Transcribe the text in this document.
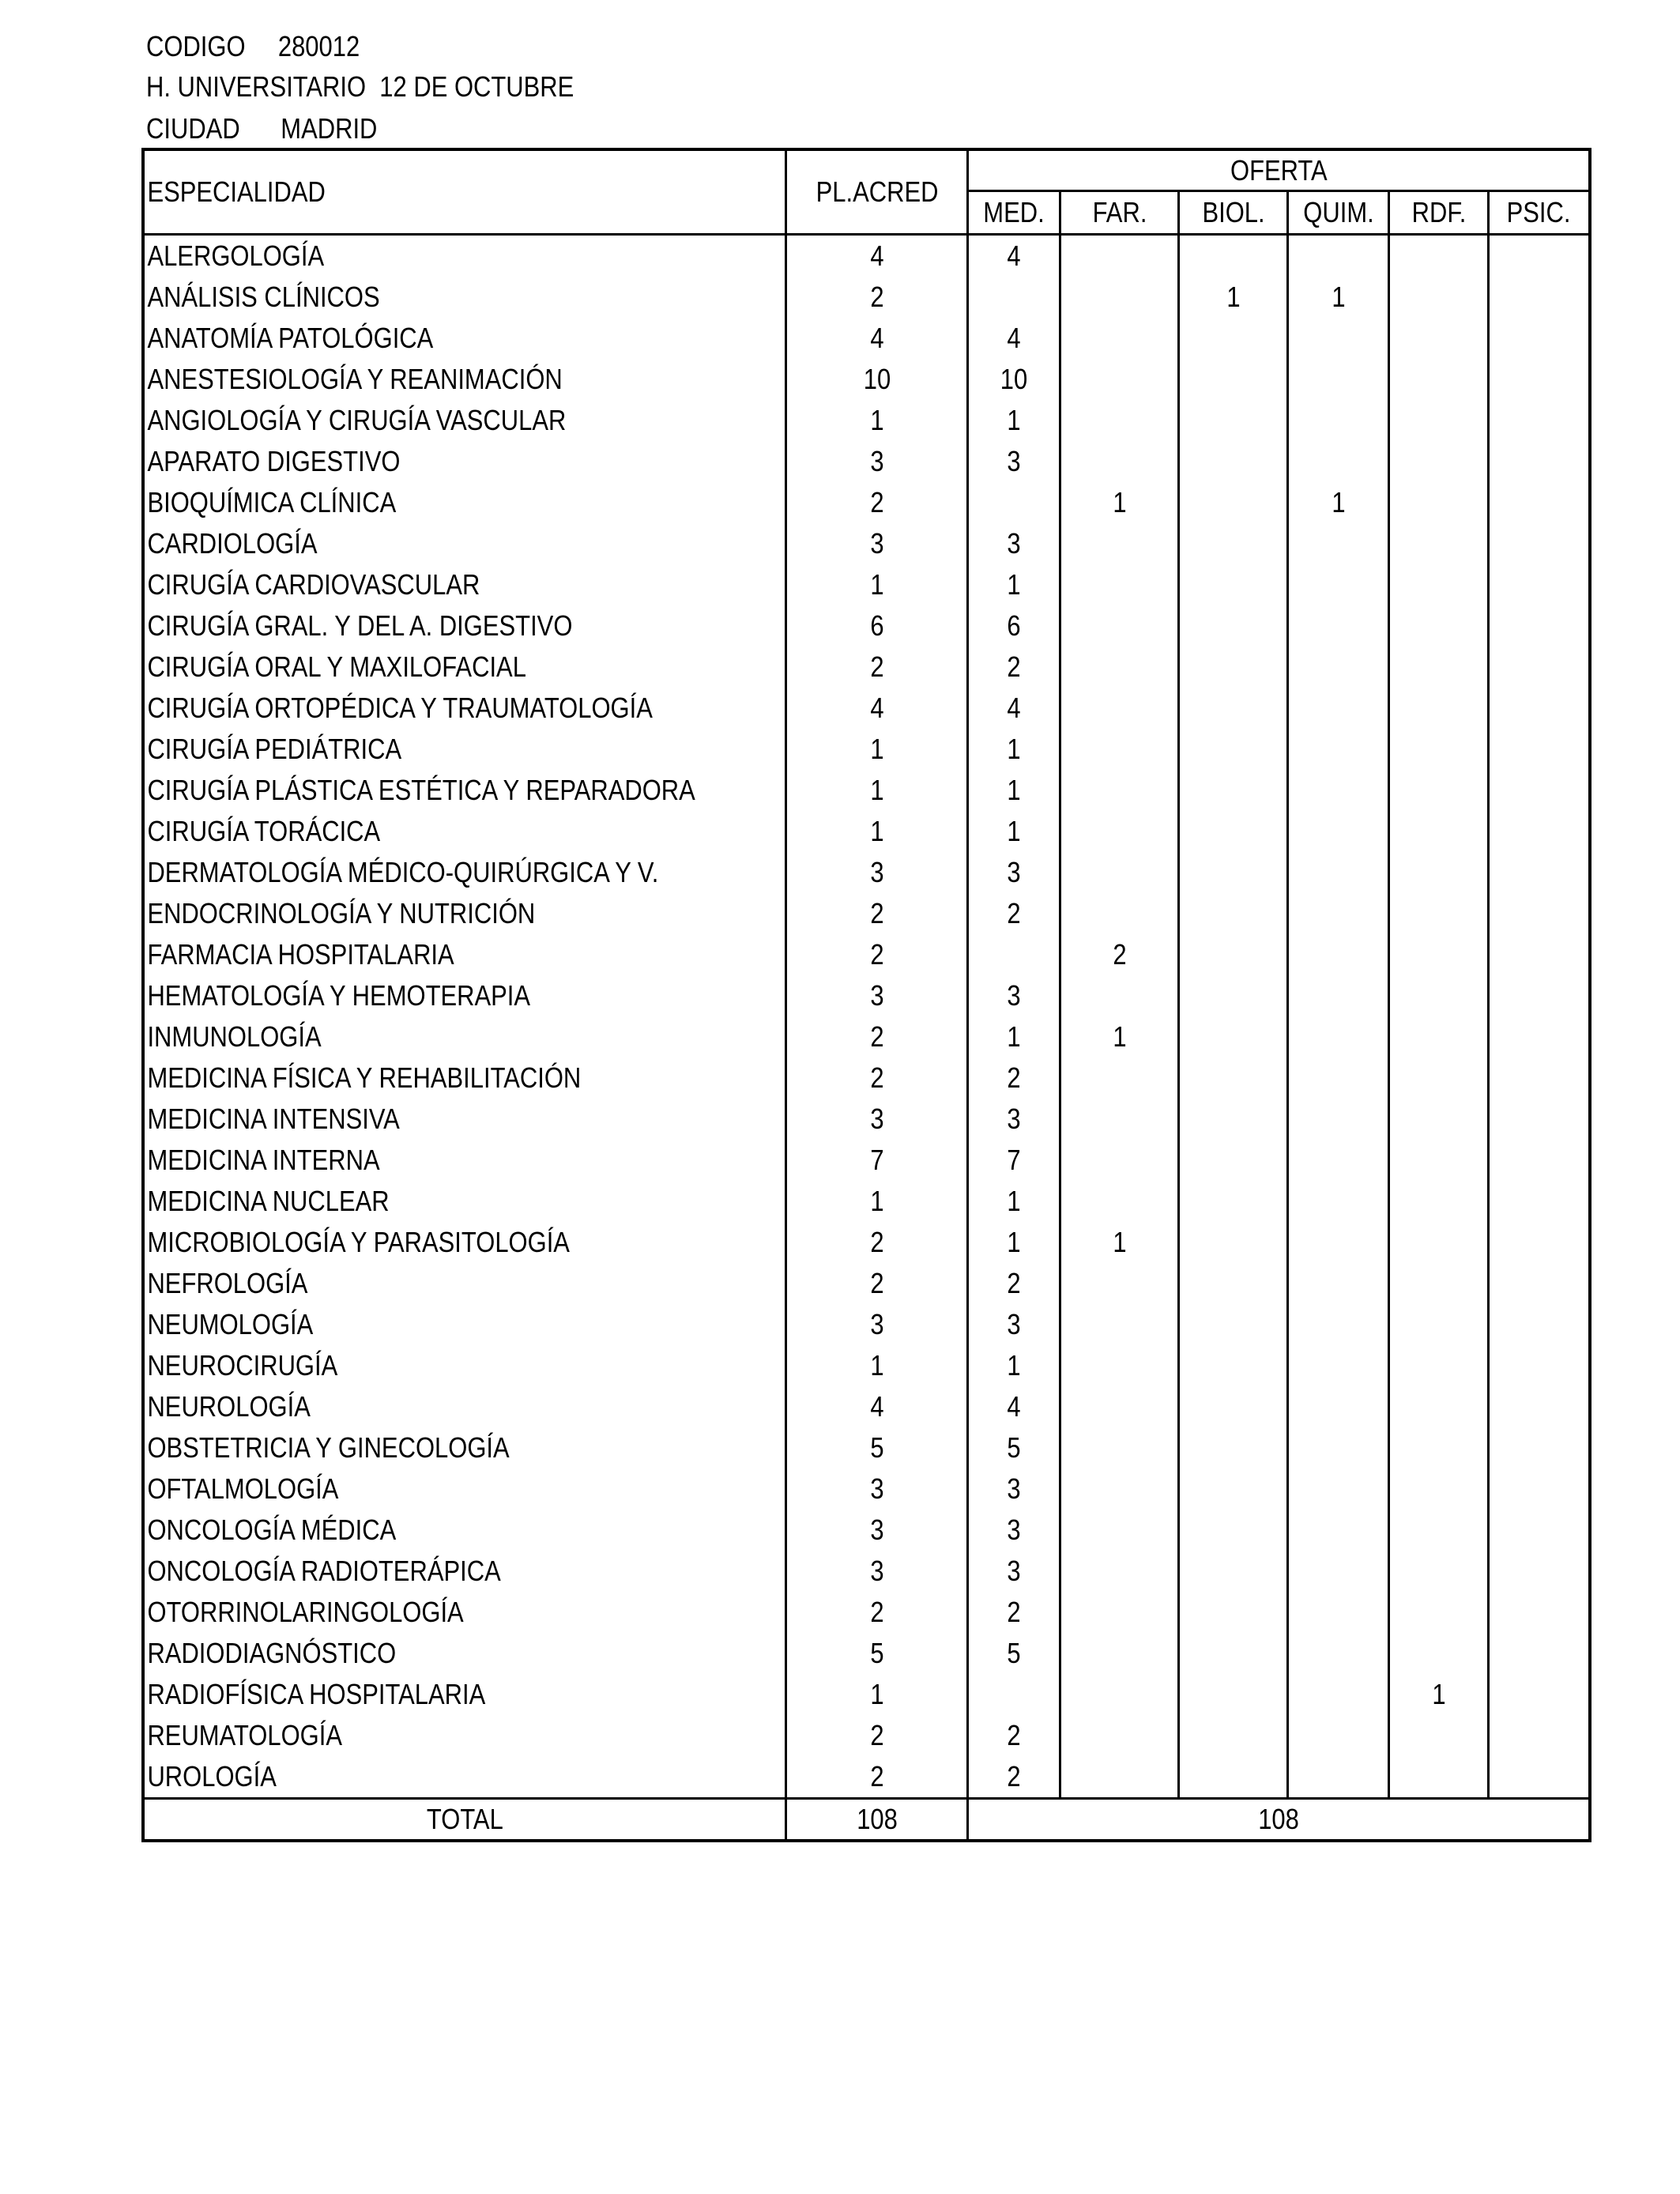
CODIGO 280012
H. UNIVERSITARIO  12 DE OCTUBRE
CIUDAD MADRID
ESPECIALIDAD	PL.ACRED	OFERTA					
		MED.	FAR.	BIOL.	QUIM.	RDF.	PSIC.
ALERGOLOGÍA	4	4					
ANÁLISIS CLÍNICOS	2			1	1		
ANATOMÍA PATOLÓGICA	4	4					
ANESTESIOLOGÍA Y REANIMACIÓN	10	10					
ANGIOLOGÍA Y CIRUGÍA VASCULAR	1	1					
APARATO DIGESTIVO	3	3					
BIOQUÍMICA CLÍNICA	2		1		1		
CARDIOLOGÍA	3	3					
CIRUGÍA CARDIOVASCULAR	1	1					
CIRUGÍA GRAL. Y DEL A. DIGESTIVO	6	6					
CIRUGÍA ORAL Y MAXILOFACIAL	2	2					
CIRUGÍA ORTOPÉDICA Y TRAUMATOLOGÍA	4	4					
CIRUGÍA PEDIÁTRICA	1	1					
CIRUGÍA PLÁSTICA ESTÉTICA Y REPARADORA	1	1					
CIRUGÍA TORÁCICA	1	1					
DERMATOLOGÍA MÉDICO-QUIRÚRGICA Y V.	3	3					
ENDOCRINOLOGÍA Y NUTRICIÓN	2	2					
FARMACIA HOSPITALARIA	2		2				
HEMATOLOGÍA Y HEMOTERAPIA	3	3					
INMUNOLOGÍA	2	1	1				
MEDICINA FÍSICA Y REHABILITACIÓN	2	2					
MEDICINA INTENSIVA	3	3					
MEDICINA INTERNA	7	7					
MEDICINA NUCLEAR	1	1					
MICROBIOLOGÍA Y PARASITOLOGÍA	2	1	1				
NEFROLOGÍA	2	2					
NEUMOLOGÍA	3	3					
NEUROCIRUGÍA	1	1					
NEUROLOGÍA	4	4					
OBSTETRICIA Y GINECOLOGÍA	5	5					
OFTALMOLOGÍA	3	3					
ONCOLOGÍA MÉDICA	3	3					
ONCOLOGÍA RADIOTERÁPICA	3	3					
OTORRINOLARINGOLOGÍA	2	2					
RADIODIAGNÓSTICO	5	5					
RADIOFÍSICA HOSPITALARIA	1					1	
REUMATOLOGÍA	2	2					
UROLOGÍA	2	2					
TOTAL	108	108					
